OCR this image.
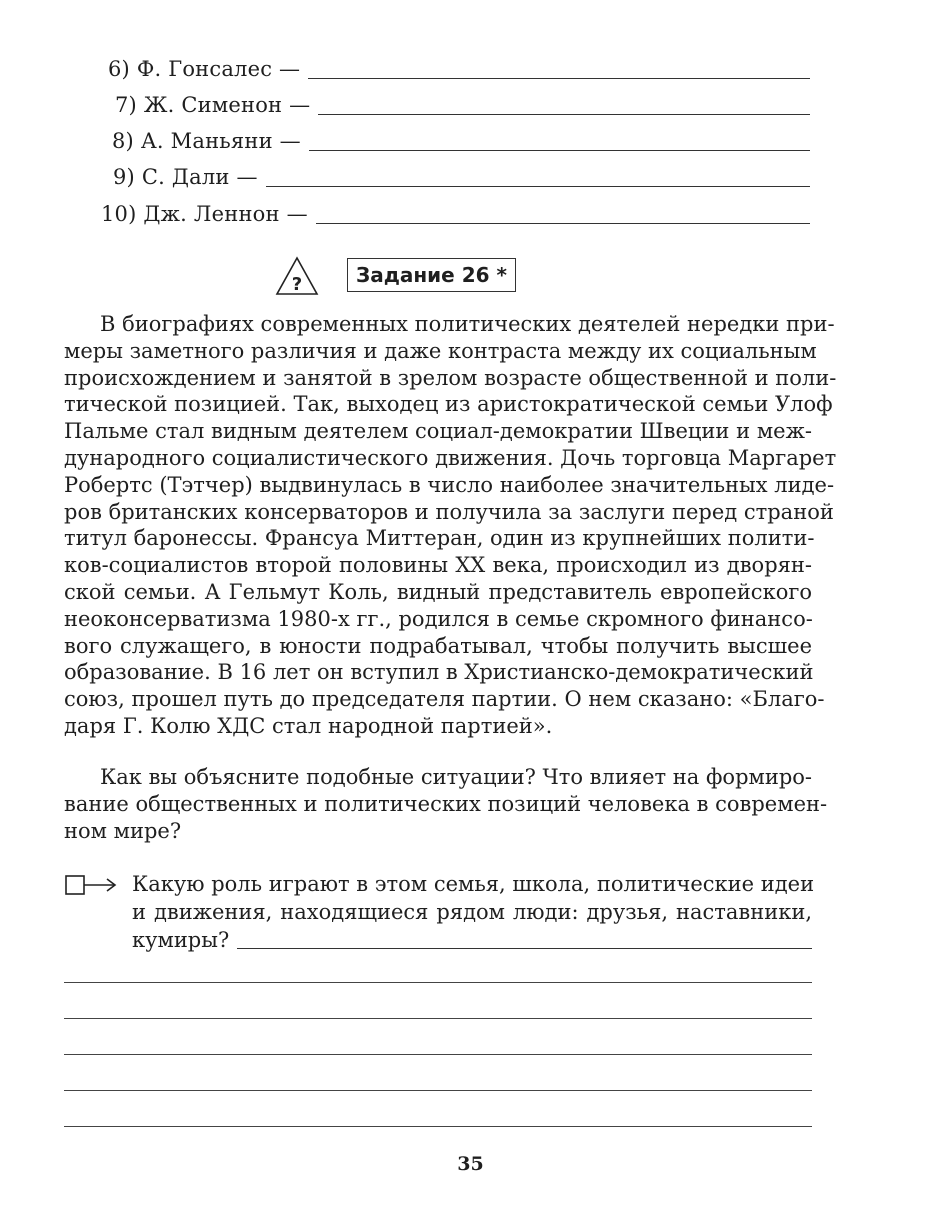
6) Ф. Гонсалес —
7) Ж. Сименон —
8) А. Маньяни —
9) С. Дали —
10) Дж. Леннон —
?	Задание 26 *
В биографиях современных политических деятелей нередки при-
меры заметного различия и даже контраста между их социальным
происхождением и занятой в зрелом возрасте общественной и поли-
тической позицией. Так, выходец из аристократической семьи Улоф
Пальме стал видным деятелем социал-демократии Швеции и меж-
дународного социалистического движения. Дочь торговца Маргарет
Робертс (Тэтчер) выдвинулась в число наиболее значительных лиде-
ров британских консерваторов и получила за заслуги перед страной
титул баронессы. Франсуа Миттеран, один из крупнейших полити-
ков-социалистов второй половины XX века, происходил из дворян-
ской семьи. А Гельмут Коль, видный представитель европейского
неоконсерватизма 1980-х гг., родился в семье скромного финансо-
вого служащего, в юности подрабатывал, чтобы получить высшее
образование. В 16 лет он вступил в Христианско-демократический
союз, прошел путь до председателя партии. О нем сказано: «Благо-
даря Г. Колю ХДС стал народной партией».
Как вы объясните подобные ситуации? Что влияет на формиро-
вание общественных и политических позиций человека в современ-
ном мире?
Какую роль играют в этом семья, школа, политические идеи
и движения, находящиеся рядом люди: друзья, наставники,
кумиры?
35
